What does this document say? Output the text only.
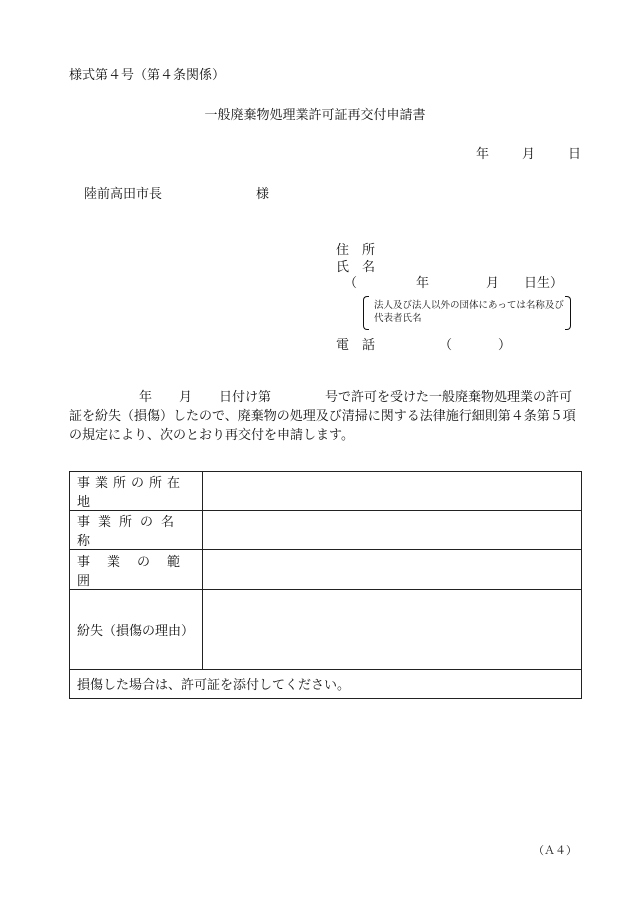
様式第４号（第４条関係）
一般廃棄物処理業許可証再交付申請書
年	月	日
陸前高田市長	様
住　所
氏　名
（	年	月 日生）
法人及び法人以外の団体にあっては名称及び代表者氏名
電　話	（	）
年 月 日付け第	号で許可を受けた一般廃棄物処理業の許可
証を紛失（損傷）したので、廃棄物の処理及び清掃に関する法律施行細則第４条第５項の規定により、次のとおり再交付を申請します。
事業所の所在地	

事業所の名称	

事業の範囲	

紛失（損傷の理由）	

損傷した場合は、許可証を添付してください。	
（Ａ４）
